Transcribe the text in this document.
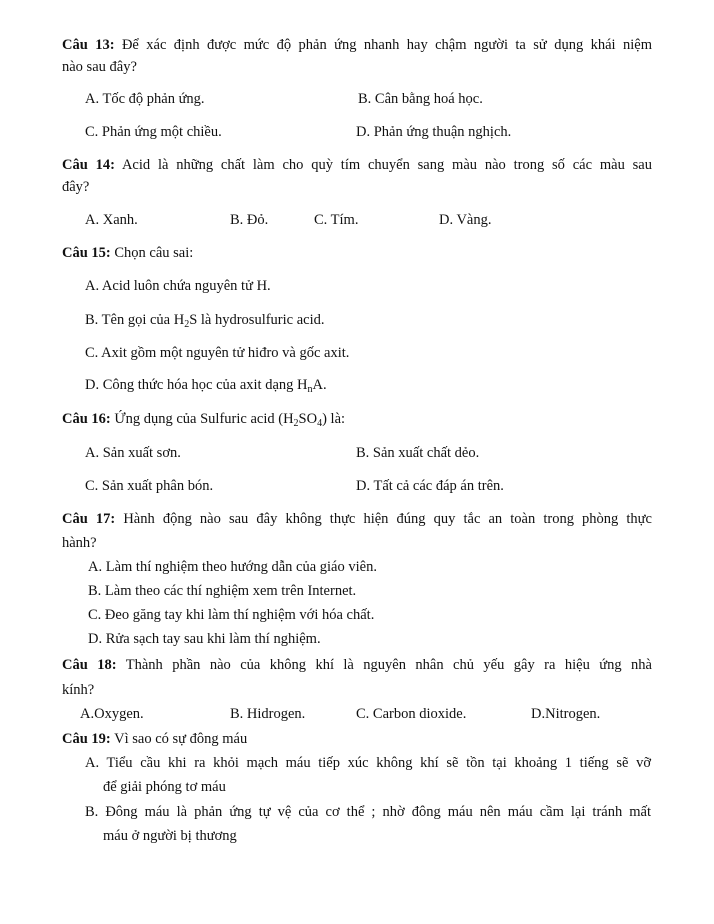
Câu 13: Để xác định được mức độ phản ứng nhanh hay chậm người ta sử dụng khái niệm
nào sau đây?
A. Tốc độ phản ứng.	B. Cân bằng hoá học.
C. Phản ứng một chiều.	D. Phản ứng thuận nghịch.
Câu 14: Acid là những chất làm cho quỳ tím chuyển sang màu nào trong số các màu sau
đây?
A. Xanh.	B. Đỏ.	C. Tím.	D. Vàng.
Câu 15: Chọn câu sai:
A. Acid luôn chứa nguyên tử H.
B. Tên gọi của $H_2S$ là hydrosulfuric acid.
C. Axit gồm một nguyên tử hiđro và gốc axit.
D. Công thức hóa học của axit dạng $H_nA$.
Câu 16: Ứng dụng của Sulfuric acid $(H_2SO_4)$ là:
A. Sản xuất sơn.	B. Sản xuất chất dẻo.
C. Sản xuất phân bón.	D. Tất cả các đáp án trên.
Câu 17: Hành động nào sau đây không thực hiện đúng quy tắc an toàn trong phòng thực
hành?
A. Làm thí nghiệm theo hướng dẫn của giáo viên.
B. Làm theo các thí nghiệm xem trên Internet.
C. Đeo găng tay khi làm thí nghiệm với hóa chất.
D. Rửa sạch tay sau khi làm thí nghiệm.
Câu 18: Thành phần nào của không khí là nguyên nhân chủ yếu gây ra hiệu ứng nhà
kính?
A.Oxygen.	B. Hidrogen.	C. Carbon dioxide.	D.Nitrogen.
Câu 19: Vì sao có sự đông máu
A. Tiểu cầu khi ra khỏi mạch máu tiếp xúc không khí sẽ tồn tại khoảng 1 tiếng sẽ vỡ
để giải phóng tơ máu
B. Đông máu là phản ứng tự vệ của cơ thể ; nhờ đông máu nên máu cầm lại tránh mất
máu ở người bị thương
